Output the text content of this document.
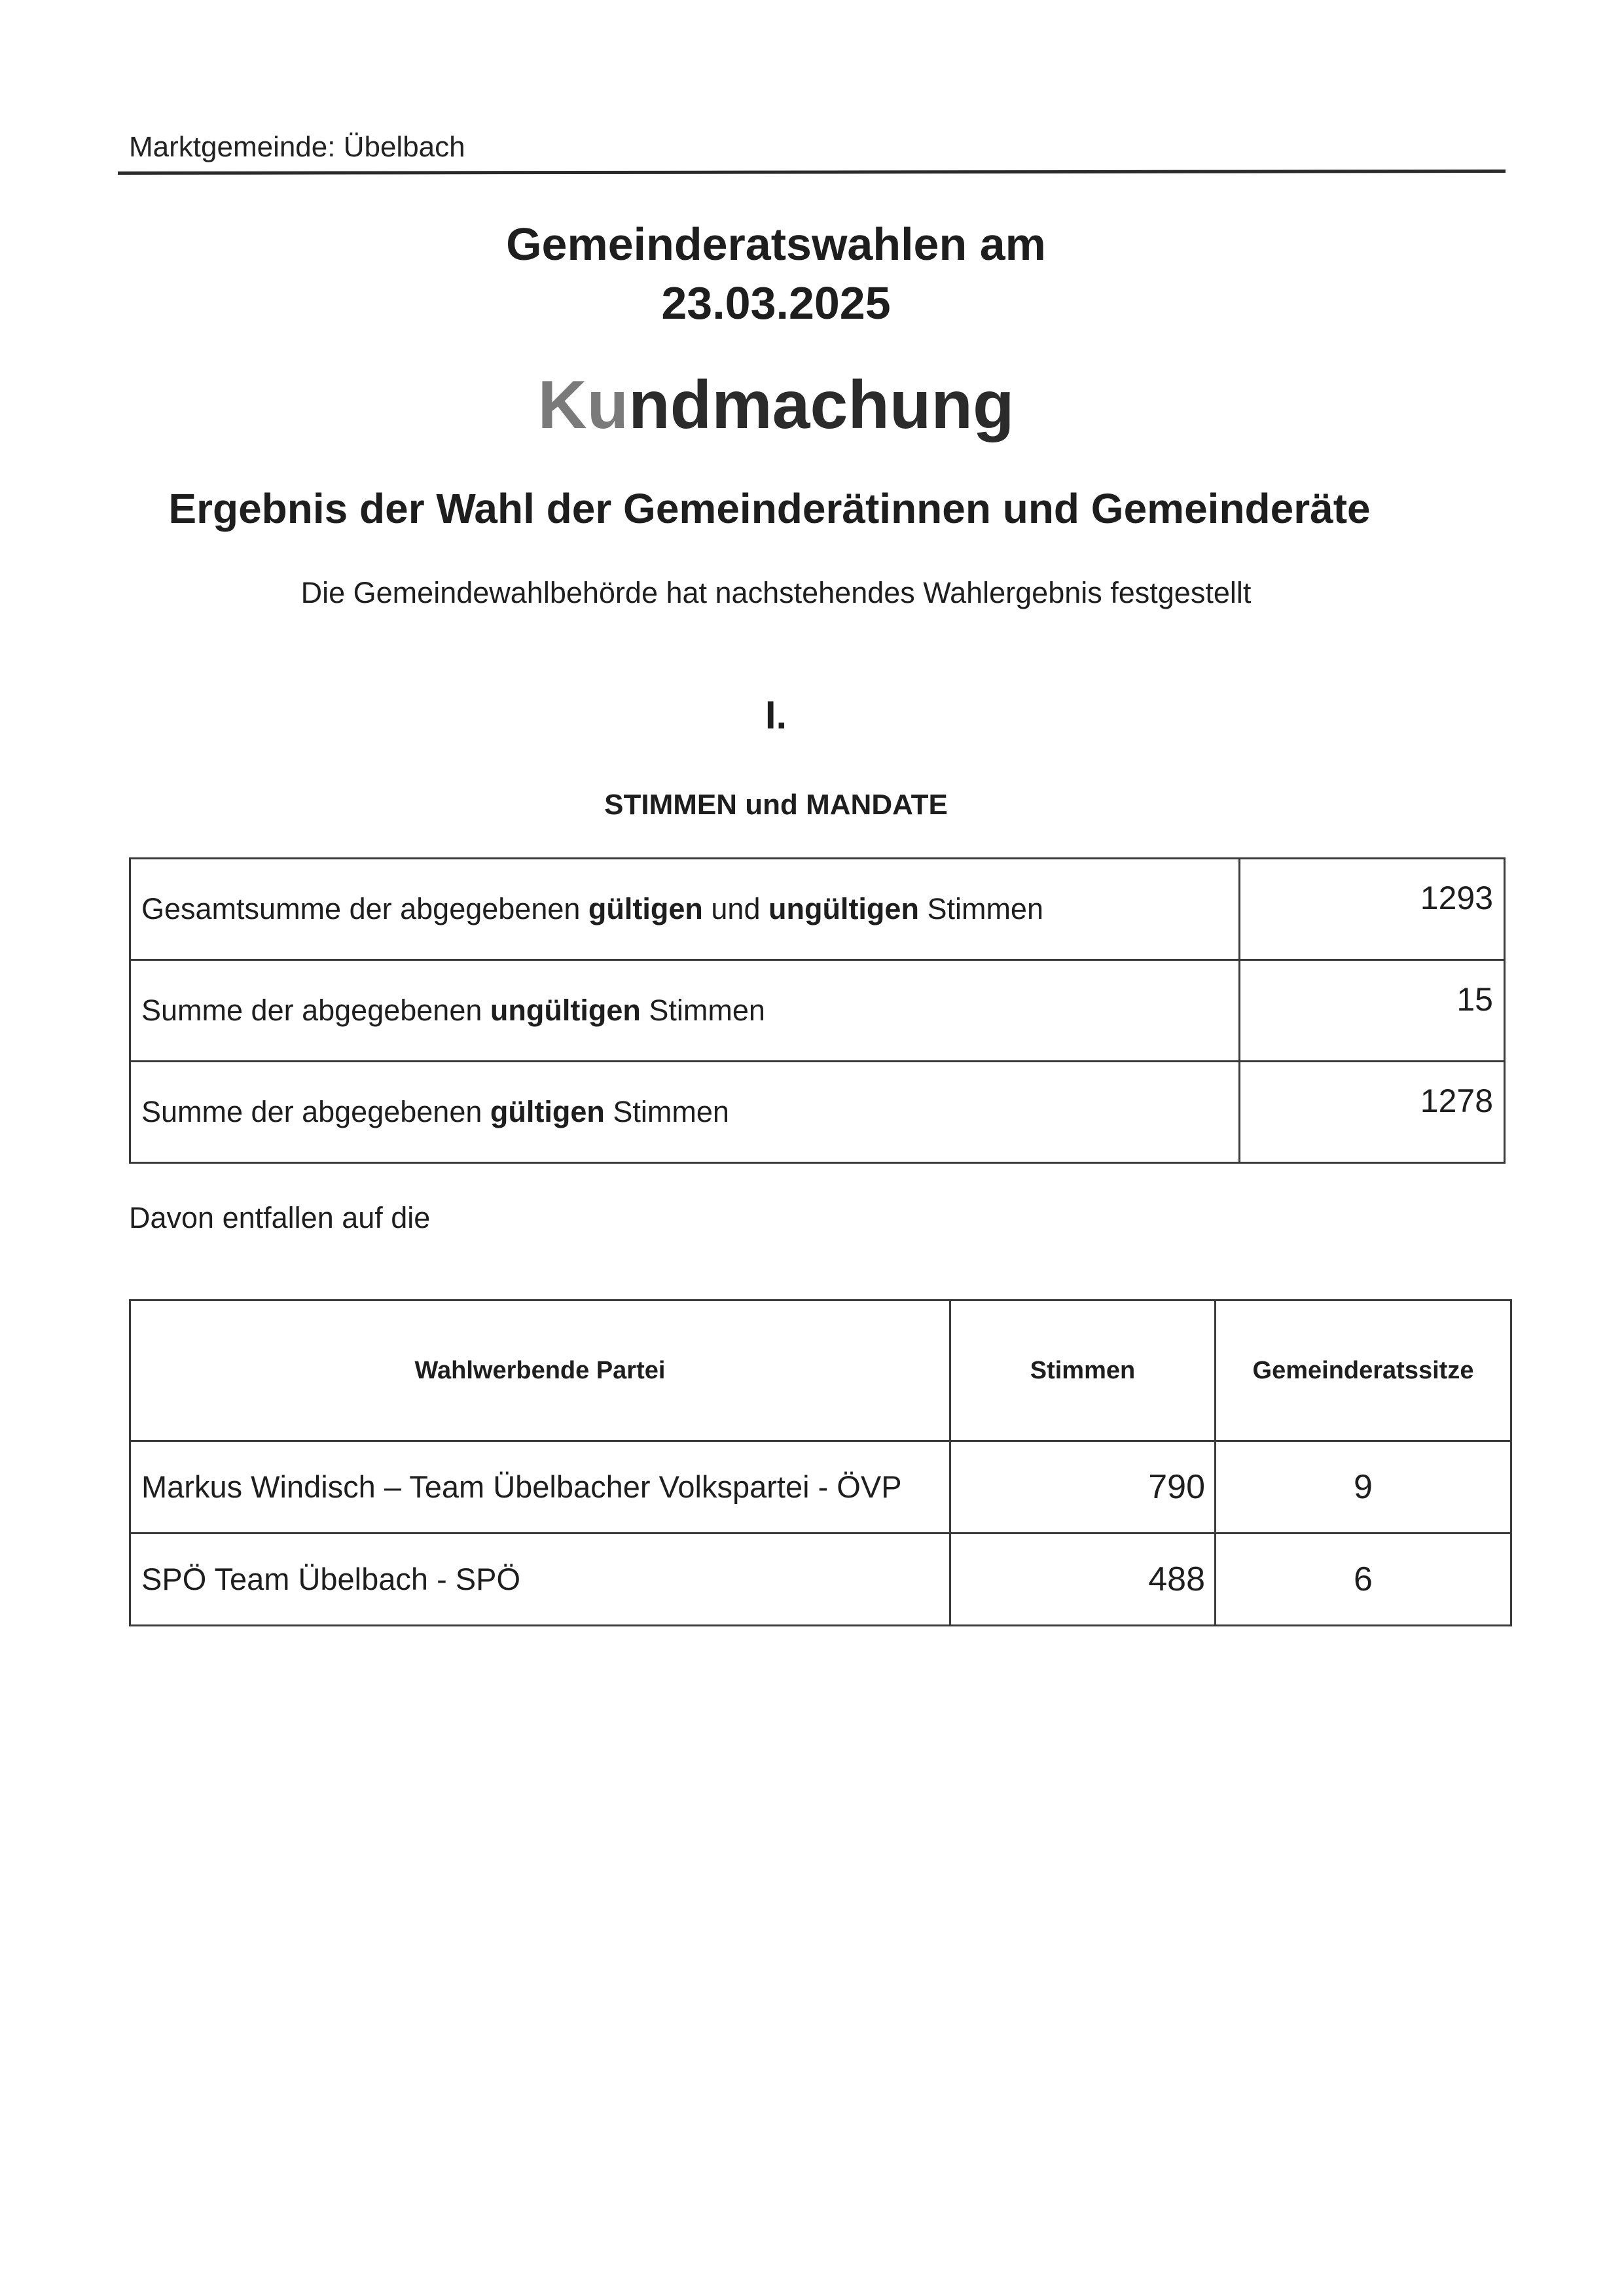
Marktgemeinde: Übelbach
Gemeinderatswahlen am
23.03.2025
Kundmachung
Ergebnis der Wahl der Gemeinderätinnen und Gemeinderäte
Die Gemeindewahlbehörde hat nachstehendes Wahlergebnis festgestellt
I.
STIMMEN und MANDATE
Gesamtsumme der abgegebenen gültigen und ungültigen Stimmen	1293
Summe der abgegebenen ungültigen Stimmen	15
Summe der abgegebenen gültigen Stimmen	1278
Davon entfallen auf die
Wahlwerbende Partei	Stimmen	Gemeinderatssitze
Markus Windisch – Team Übelbacher Volkspartei - ÖVP	790	9
SPÖ Team Übelbach - SPÖ	488	6
